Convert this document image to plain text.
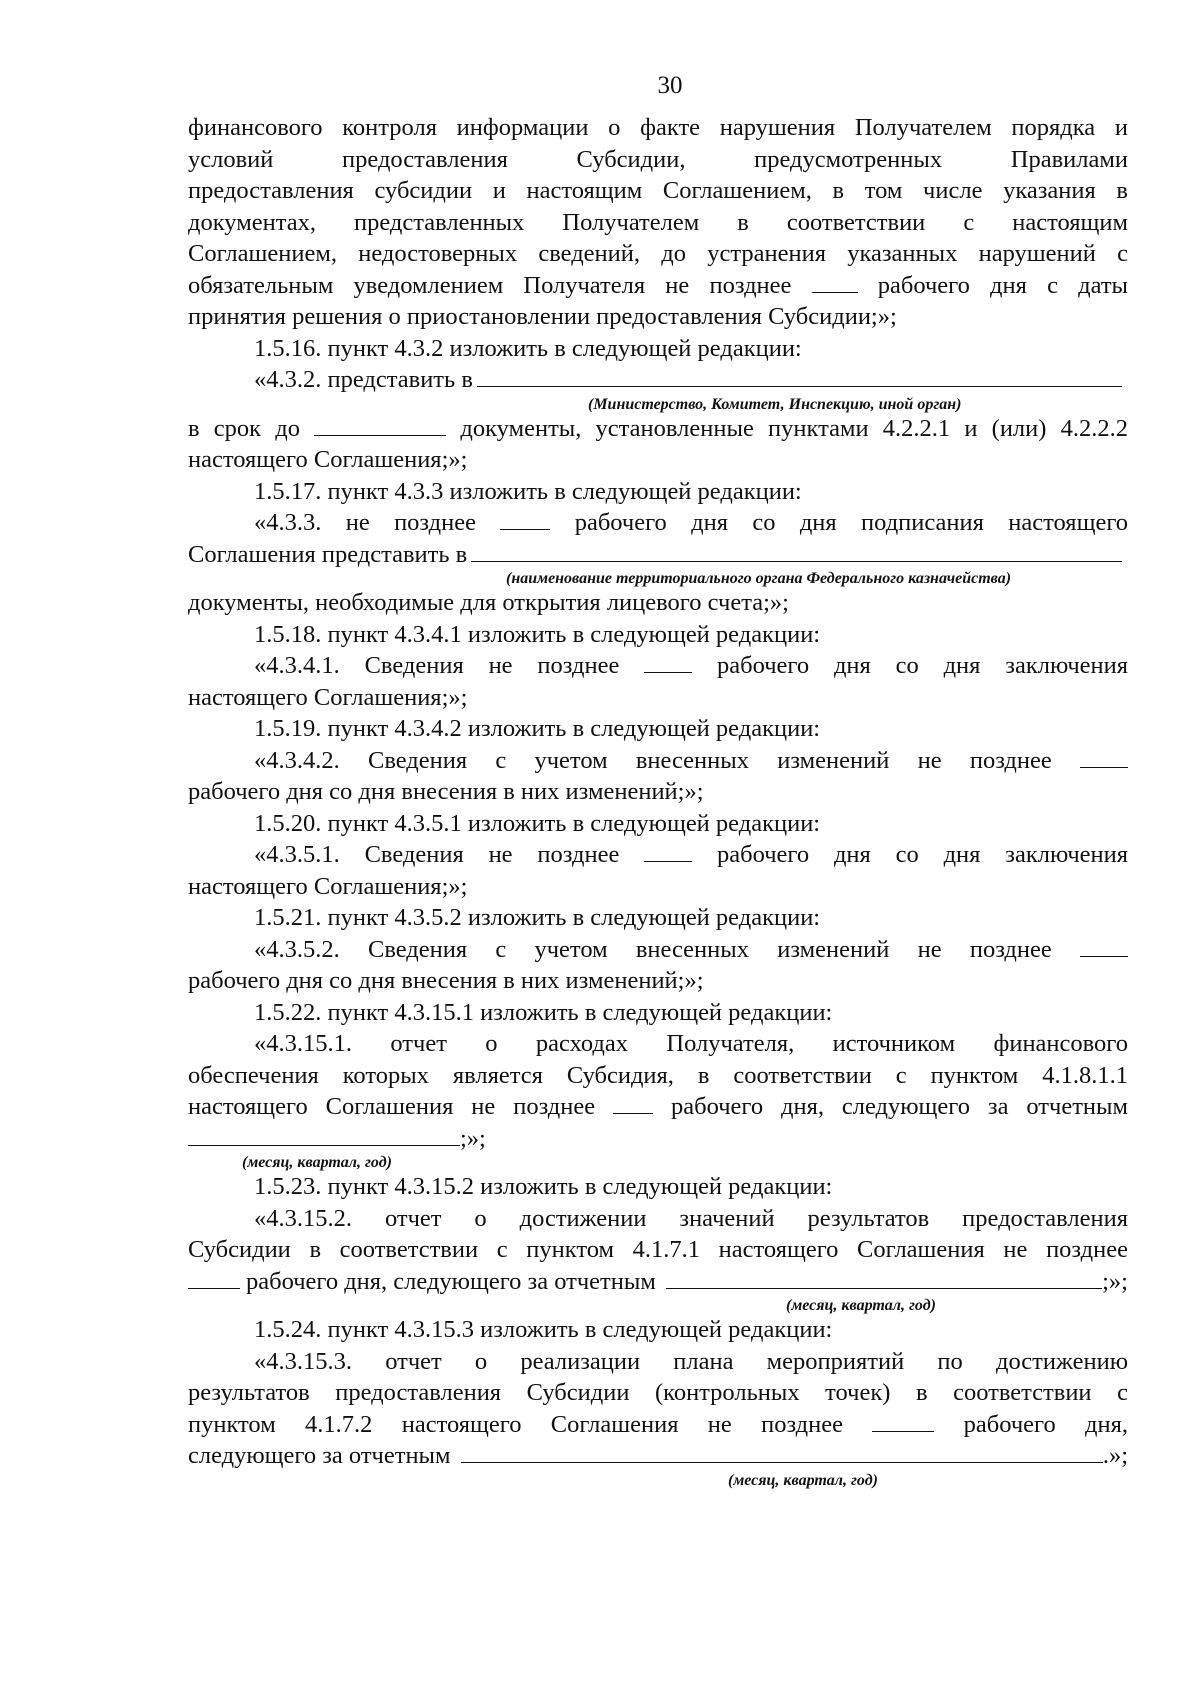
30

финансового контроля информации о факте нарушения Получателем порядка и

условий предоставления Субсидии, предусмотренных Правилами

предоставления субсидии и настоящим Соглашением, в том числе указания в

документах, представленных Получателем в соответствии с настоящим

Соглашением, недостоверных сведений, до устранения указанных нарушений с

обязательным уведомлением Получателя не позднее	рабочего дня с даты

принятия решения о приостановлении предоставления Субсидии;»;

1.5.16. пункт 4.3.2 изложить в следующей редакции:

«4.3.2. представить в
(Министерство, Комитет, Инспекцию, иной орган)

в срок до	документы, установленные пунктами 4.2.2.1 и (или) 4.2.2.2

настоящего Соглашения;»;

1.5.17. пункт 4.3.3 изложить в следующей редакции:

«4.3.3. не позднее	рабочего дня со дня подписания настоящего

Соглашения представить в
(наименование территориального органа Федерального казначейства)

документы, необходимые для открытия лицевого счета;»;

1.5.18. пункт 4.3.4.1 изложить в следующей редакции:

«4.3.4.1. Сведения не позднее	рабочего дня со дня заключения

настоящего Соглашения;»;

1.5.19. пункт 4.3.4.2 изложить в следующей редакции:

«4.3.4.2. Сведения с учетом внесенных изменений не позднее

рабочего дня со дня внесения в них изменений;»;

1.5.20. пункт 4.3.5.1 изложить в следующей редакции:

«4.3.5.1. Сведения не позднее	рабочего дня со дня заключения

настоящего Соглашения;»;

1.5.21. пункт 4.3.5.2 изложить в следующей редакции:

«4.3.5.2. Сведения с учетом внесенных изменений не позднее

рабочего дня со дня внесения в них изменений;»;

1.5.22. пункт 4.3.15.1 изложить в следующей редакции:

«4.3.15.1. отчет о расходах Получателя, источником финансового

обеспечения которых является Субсидия, в соответствии с пунктом 4.1.8.1.1

настоящего Соглашения не позднее	рабочего дня, следующего за отчетным

;»;

(месяц, квартал, год)

1.5.23. пункт 4.3.15.2 изложить в следующей редакции:

«4.3.15.2. отчет о достижении значений результатов предоставления

Субсидии в соответствии с пунктом 4.1.7.1 настоящего Соглашения не позднее

рабочего дня, следующего за отчетным	;»;
(месяц, квартал, год)

1.5.24. пункт 4.3.15.3 изложить в следующей редакции:

«4.3.15.3. отчет о реализации плана мероприятий по достижению

результатов предоставления Субсидии (контрольных точек) в соответствии с

пунктом 4.1.7.2 настоящего Соглашения не позднее	рабочего дня,

следующего за отчетным	.»;
(месяц, квартал, год)
